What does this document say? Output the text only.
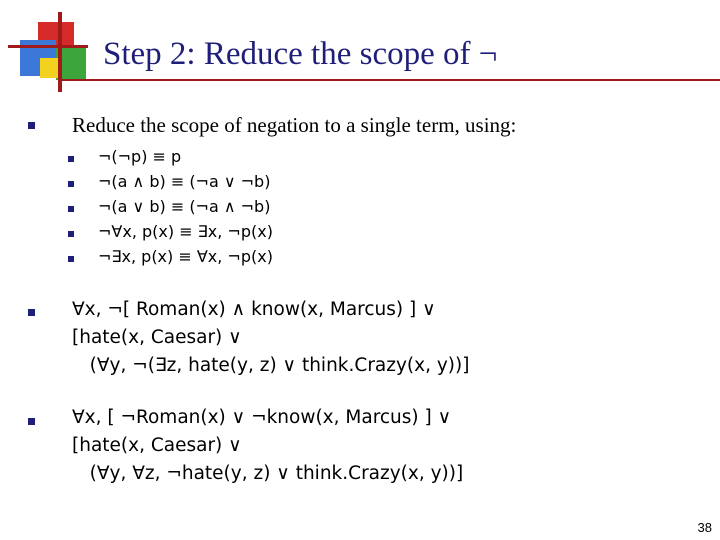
Step 2: Reduce the scope of ¬
Reduce the scope of negation to a single term, using:
¬(¬p) ≡ p
¬(a ∧ b) ≡ (¬a ∨ ¬b)
¬(a ∨ b) ≡ (¬a ∧ ¬b)
¬∀x, p(x) ≡ ∃x, ¬p(x)
¬∃x, p(x) ≡ ∀x, ¬p(x)
∀x, ¬[ Roman(x) ∧ know(x, Marcus) ] ∨
[hate(x, Caesar) ∨
(∀y, ¬(∃z, hate(y, z) ∨ think.Crazy(x, y))]
∀x, [ ¬Roman(x) ∨ ¬know(x, Marcus) ] ∨
[hate(x, Caesar) ∨
(∀y, ∀z, ¬hate(y, z) ∨ think.Crazy(x, y))]
38
